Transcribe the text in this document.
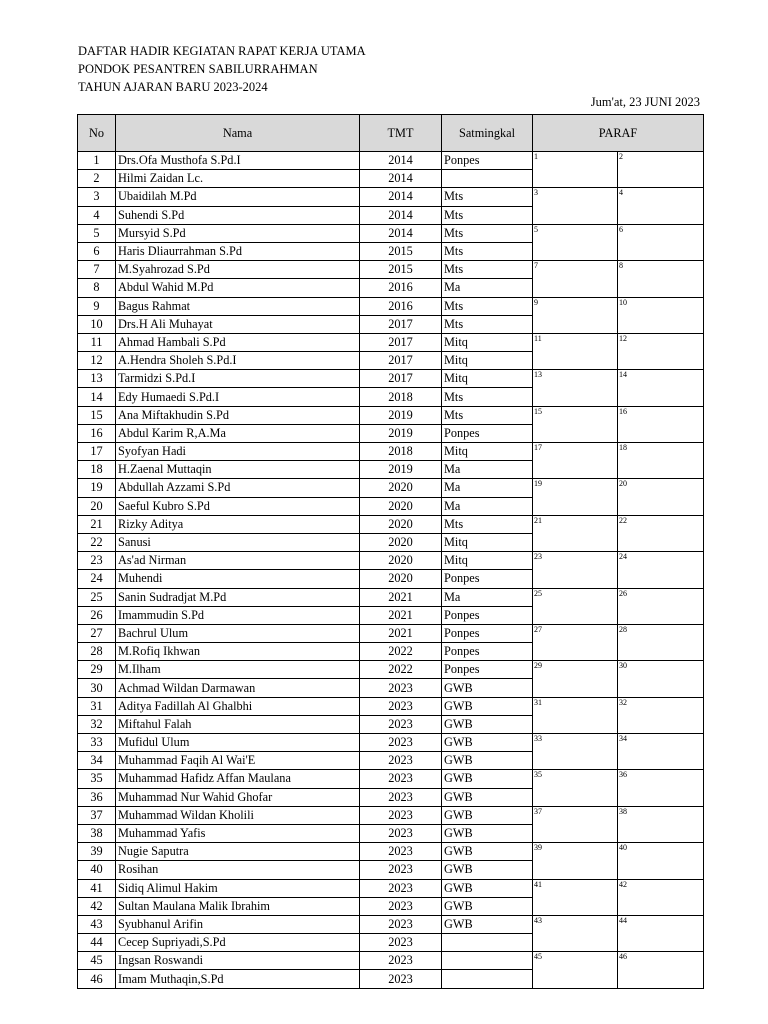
DAFTAR HADIR KEGIATAN RAPAT KERJA UTAMA
PONDOK PESANTREN SABILURRAHMAN
TAHUN AJARAN BARU 2023-2024
Jum'at, 23 JUNI 2023
No	Nama	TMT	Satmingkal	PARAF	
1	Drs.Ofa Musthofa S.Pd.I	2014	Ponpes	1	2

2	Hilmi Zaidan Lc.	2014			
3	Ubaidilah M.Pd	2014	Mts	3	4

4	Suhendi S.Pd	2014	Mts		
5	Mursyid S.Pd	2014	Mts	5	6

6	Haris Dliaurrahman S.Pd	2015	Mts		
7	M.Syahrozad S.Pd	2015	Mts	7	8

8	Abdul Wahid M.Pd	2016	Ma		
9	Bagus Rahmat	2016	Mts	9	10

10	Drs.H Ali Muhayat	2017	Mts		
11	Ahmad Hambali S.Pd	2017	Mitq	11	12

12	A.Hendra Sholeh S.Pd.I	2017	Mitq		
13	Tarmidzi S.Pd.I	2017	Mitq	13	14

14	Edy Humaedi S.Pd.I	2018	Mts		
15	Ana Miftakhudin S.Pd	2019	Mts	15	16

16	Abdul Karim R,A.Ma	2019	Ponpes		
17	Syofyan Hadi	2018	Mitq	17	18

18	H.Zaenal Muttaqin	2019	Ma		
19	Abdullah Azzami S.Pd	2020	Ma	19	20

20	Saeful Kubro S.Pd	2020	Ma		
21	Rizky Aditya	2020	Mts	21	22

22	Sanusi	2020	Mitq		
23	As'ad Nirman	2020	Mitq	23	24

24	Muhendi	2020	Ponpes		
25	Sanin Sudradjat M.Pd	2021	Ma	25	26

26	Imammudin S.Pd	2021	Ponpes		
27	Bachrul Ulum	2021	Ponpes	27	28

28	M.Rofiq Ikhwan	2022	Ponpes		
29	M.Ilham	2022	Ponpes	29	30

30	Achmad Wildan Darmawan	2023	GWB		
31	Aditya Fadillah Al Ghalbhi	2023	GWB	31	32

32	Miftahul Falah	2023	GWB		
33	Mufidul Ulum	2023	GWB	33	34

34	Muhammad Faqih Al Wai'E	2023	GWB		
35	Muhammad Hafidz Affan Maulana	2023	GWB	35	36

36	Muhammad Nur Wahid Ghofar	2023	GWB		
37	Muhammad Wildan Kholili	2023	GWB	37	38

38	Muhammad Yafis	2023	GWB		
39	Nugie Saputra	2023	GWB	39	40

40	Rosihan	2023	GWB		
41	Sidiq Alimul Hakim	2023	GWB	41	42

42	Sultan Maulana Malik Ibrahim	2023	GWB		
43	Syubhanul Arifin	2023	GWB	43	44

44	Cecep Supriyadi,S.Pd	2023			
45	Ingsan Roswandi	2023		45	46

46	Imam Muthaqin,S.Pd	2023			
